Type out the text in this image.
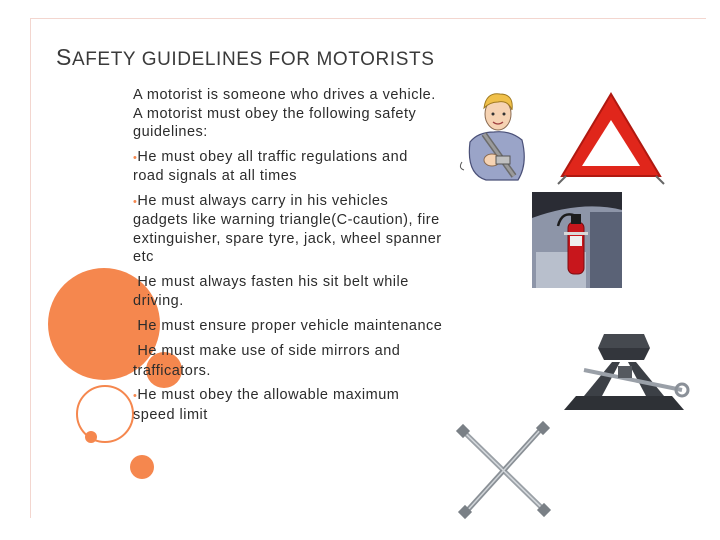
SAFETY GUIDELINES FOR MOTORISTS

A motorist is someone who drives a vehicle. A motorist must obey the following safety guidelines:

•He must obey all traffic regulations and road signals at all times

•He must always carry in his vehicles gadgets like warning triangle(C-caution), fire extinguisher, spare tyre, jack, wheel spanner etc

•He must always fasten his sit belt while driving.

•He must ensure proper vehicle maintenance

•He must make use of side mirrors and trafficators.

•He must obey the allowable maximum speed limit
